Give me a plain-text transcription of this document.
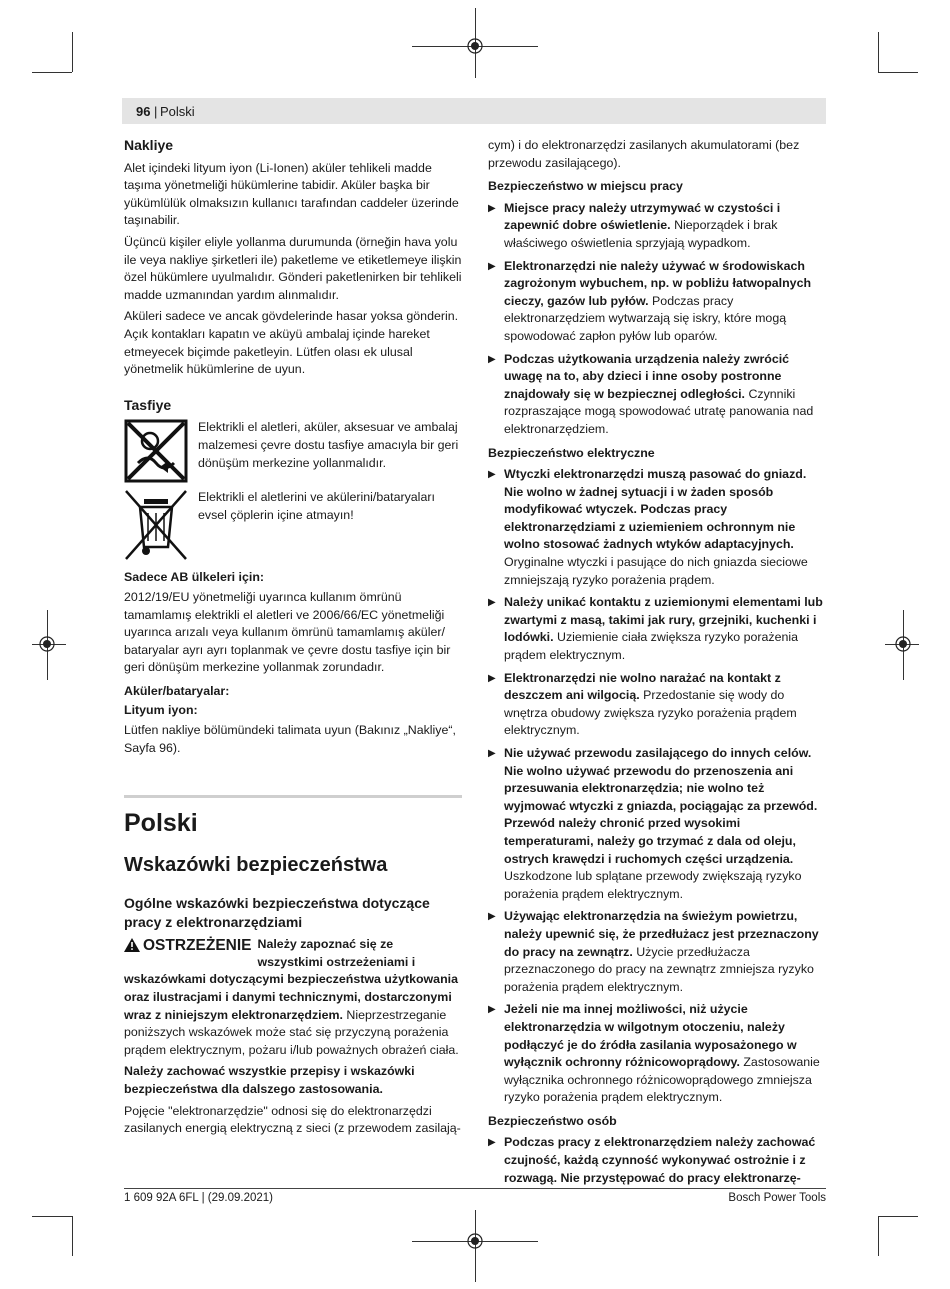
96 | Polski
Nakliye

Alet içindeki lityum iyon (Li-Ionen) aküler tehlikeli madde taşıma yönetmeliği hükümlerine tabidir. Aküler başka bir yükümlülük olmaksızın kullanıcı tarafından caddeler üzerinde taşınabilir.

Üçüncü kişiler eliyle yollanma durumunda (örneğin hava yolu ile veya nakliye şirketleri ile) paketleme ve etiketlemeye ilişkin özel hükümlere uyulmalıdır. Gönderi paketlenirken bir tehlikeli madde uzmanından yardım alınmalıdır.

Aküleri sadece ve ancak gövdelerinde hasar yoksa gönderin. Açık kontakları kapatın ve aküyü ambalaj içinde hareket etmeyecek biçimde paketleyin. Lütfen olası ek ulusal yönetmelik hükümlerine de uyun.

Tasfiye
Elektrikli el aletleri, aküler, aksesuar ve ambalaj malzemesi çevre dostu tasfiye amacıyla bir geri dönüşüm merkezine yollanmalıdır.
Elektrikli el aletlerini ve akülerini/bataryaları evsel çöplerin içine atmayın!
Sadece AB ülkeleri için:

2012/19/EU yönetmeliği uyarınca kullanım ömrünü tamamlamış elektrikli el aletleri ve 2006/66/EC yönetmeliği uyarınca arızalı veya kullanım ömrünü tamamlamış aküler/ bataryalar ayrı ayrı toplanmak ve çevre dostu tasfiye için bir geri dönüşüm merkezine yollanmak zorundadır.

Aküler/bataryalar:
Lityum iyon:

Lütfen nakliye bölümündeki talimata uyun (Bakınız „Nakliye“, Sayfa 96).

Polski
Wskazówki bezpieczeństwa
Ogólne wskazówki bezpieczeństwa dotyczące pracy z elektronarzędziami
OSTRZEŻENIE Należy zapoznać się ze wszystkimi ostrzeżeniami i wskazówkami dotyczącymi bezpieczeństwa użytkowania oraz ilustracjami i danymi technicznymi, dostarczonymi wraz z niniejszym elektronarzędziem. Nieprzestrzeganie poniższych wskazówek może stać się przyczyną porażenia prądem elektrycznym, pożaru i/lub poważnych obrażeń ciała.

Należy zachować wszystkie przepisy i wskazówki bezpieczeństwa dla dalszego zastosowania.

Pojęcie "elektronarzędzie" odnosi się do elektronarzędzi zasilanych energią elektryczną z sieci (z przewodem zasilają-

cym) i do elektronarzędzi zasilanych akumulatorami (bez przewodu zasilającego).

Bezpieczeństwo w miejscu pracy
▶ Miejsce pracy należy utrzymywać w czystości i zapewnić dobre oświetlenie. Nieporządek i brak właściwego oświetlenia sprzyjają wypadkom.
▶ Elektronarzędzi nie należy używać w środowiskach zagrożonym wybuchem, np. w pobliżu łatwopalnych cieczy, gazów lub pyłów. Podczas pracy elektronarzędziem wytwarzają się iskry, które mogą spowodować zapłon pyłów lub oparów.
▶ Podczas użytkowania urządzenia należy zwrócić uwagę na to, aby dzieci i inne osoby postronne znajdowały się w bezpiecznej odległości. Czynniki rozpraszające mogą spowodować utratę panowania nad elektronarzędziem.
Bezpieczeństwo elektryczne
▶ Wtyczki elektronarzędzi muszą pasować do gniazd. Nie wolno w żadnej sytuacji i w żaden sposób modyfikować wtyczek. Podczas pracy elektronarzędziami z uziemieniem ochronnym nie wolno stosować żadnych wtyków adaptacyjnych. Oryginalne wtyczki i pasujące do nich gniazda sieciowe zmniejszają ryzyko porażenia prądem.
▶ Należy unikać kontaktu z uziemionymi elementami lub zwartymi z masą, takimi jak rury, grzejniki, kuchenki i lodówki. Uziemienie ciała zwiększa ryzyko porażenia prądem elektrycznym.
▶ Elektronarzędzi nie wolno narażać na kontakt z deszczem ani wilgocią. Przedostanie się wody do wnętrza obudowy zwiększa ryzyko porażenia prądem elektrycznym.
▶ Nie używać przewodu zasilającego do innych celów. Nie wolno używać przewodu do przenoszenia ani przesuwania elektronarzędzia; nie wolno też wyjmować wtyczki z gniazda, pociągając za przewód. Przewód należy chronić przed wysokimi temperaturami, należy go trzymać z dala od oleju, ostrych krawędzi i ruchomych części urządzenia. Uszkodzone lub splątane przewody zwiększają ryzyko porażenia prądem elektrycznym.
▶ Używając elektronarzędzia na świeżym powietrzu, należy upewnić się, że przedłużacz jest przeznaczony do pracy na zewnątrz. Użycie przedłużacza przeznaczonego do pracy na zewnątrz zmniejsza ryzyko porażenia prądem elektrycznym.
▶ Jeżeli nie ma innej możliwości, niż użycie elektronarzędzia w wilgotnym otoczeniu, należy podłączyć je do źródła zasilania wyposażonego w wyłącznik ochronny różnicowoprądowy. Zastosowanie wyłącznika ochronnego różnicowoprądowego zmniejsza ryzyko porażenia prądem elektrycznym.
Bezpieczeństwo osób
▶ Podczas pracy z elektronarzędziem należy zachować czujność, każdą czynność wykonywać ostrożnie i z rozwagą. Nie przystępować do pracy elektronarzę-
1 609 92A 6FL | (29.09.2021)	Bosch Power Tools
